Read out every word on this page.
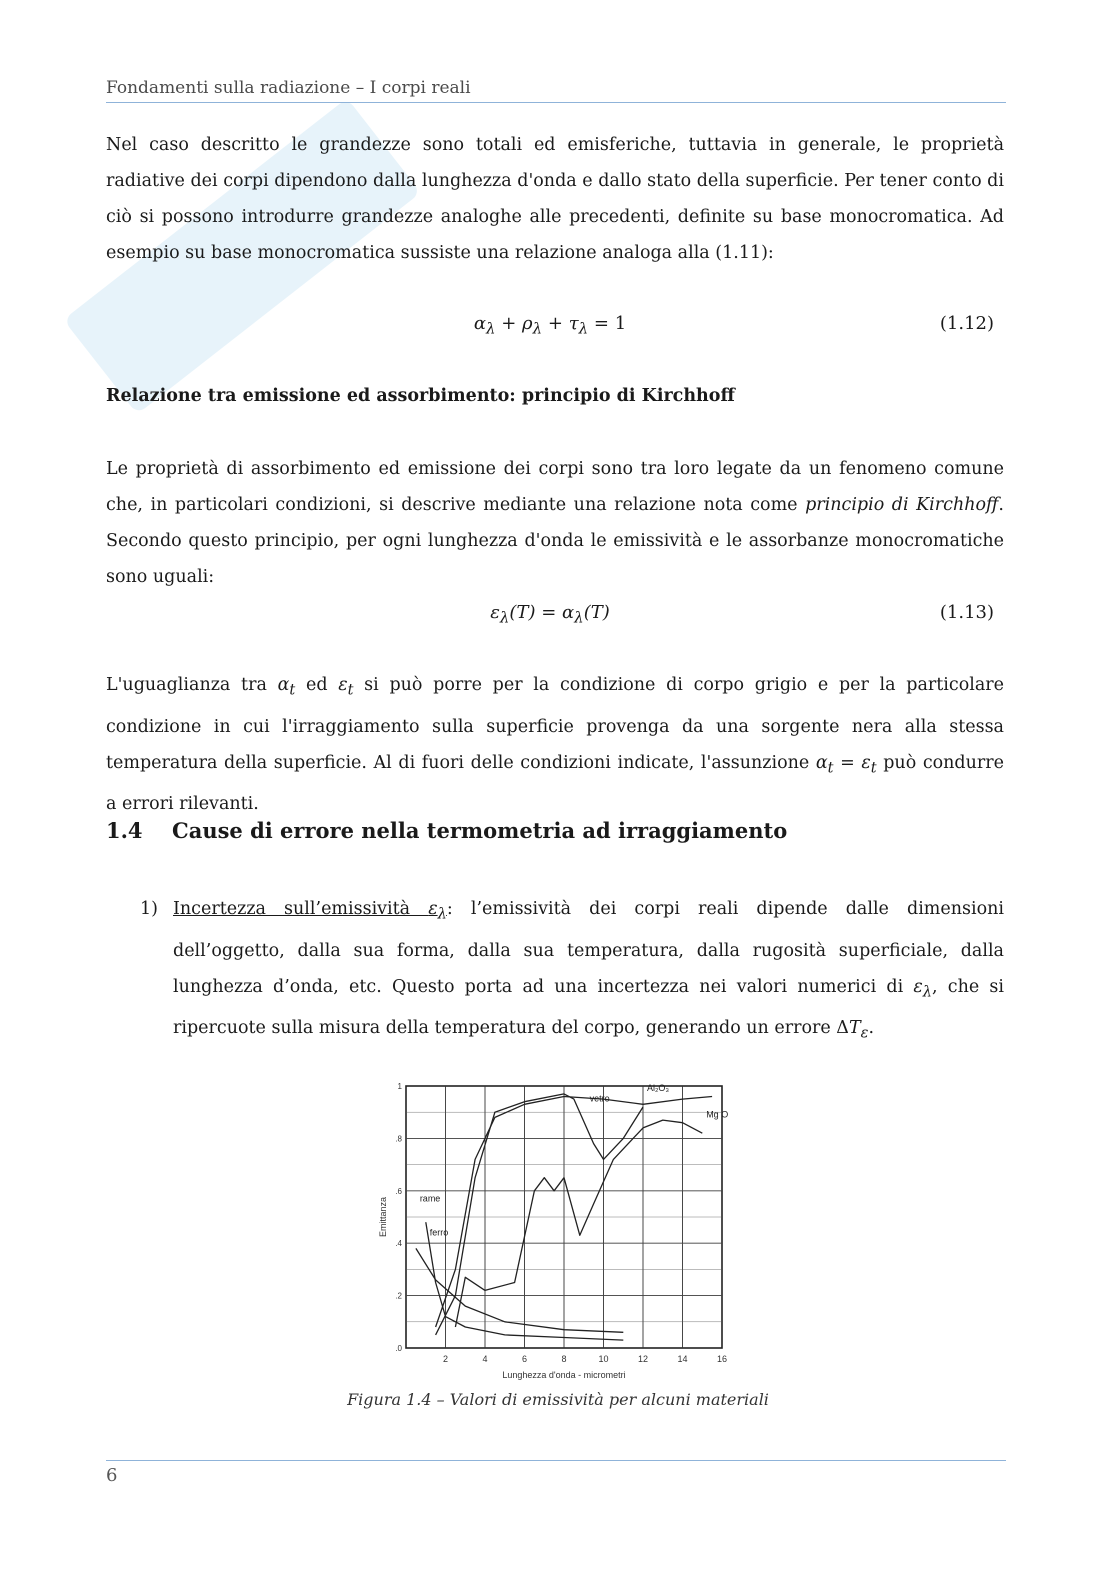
Fondamenti sulla radiazione – I corpi reali

Nel caso descritto le grandezze sono totali ed emisferiche, tuttavia in generale, le proprietà radiative dei corpi dipendono dalla lunghezza d'onda e dallo stato della superficie. Per tener conto di ciò si possono introdurre grandezze analoghe alle precedenti, definite su base monocromatica. Ad esempio su base monocromatica sussiste una relazione analoga alla (1.11):

$\alpha_\lambda + \rho_\lambda + \tau_\lambda = 1$	(1.12)
Relazione tra emissione ed assorbimento: principio di Kirchhoff

Le proprietà di assorbimento ed emissione dei corpi sono tra loro legate da un fenomeno comune che, in particolari condizioni, si descrive mediante una relazione nota come principio di Kirchhoff. Secondo questo principio, per ogni lunghezza d'onda le emissività e le assorbanze monocromatiche sono uguali:

$\varepsilon_\lambda(T) = \alpha_\lambda(T)$	(1.13)

L'uguaglianza tra $\alpha_t$ ed $\varepsilon_t$ si può porre per la condizione di corpo grigio e per la particolare condizione in cui l'irraggiamento sulla superficie provenga da una sorgente nera alla stessa temperatura della superficie. Al di fuori delle condizioni indicate, l'assunzione $\alpha_t = \varepsilon_t$ può condurre a errori rilevanti.

1.4 Cause di errore nella termometria ad irraggiamento
1) Incertezza sull’emissività $\varepsilon_\lambda$: l’emissività dei corpi reali dipende dalle dimensioni dell’oggetto, dalla sua forma, dalla sua temperatura, dalla rugosità superficiale, dalla lunghezza d’onda, etc. Questo porta ad una incertezza nei valori numerici di $\varepsilon_\lambda$, che si ripercuote sulla misura della temperatura del corpo, generando un errore $\Delta T_\varepsilon$.
2	4	6	8	10	12	14	16
.0
.2
.4
.6
.8
1
Lunghezza d'onda - micrometri
Emittanza
Al₂O₃
vetro
Mg O
rame
ferro
Figura 1.4 – Valori di emissività per alcuni materiali
6
